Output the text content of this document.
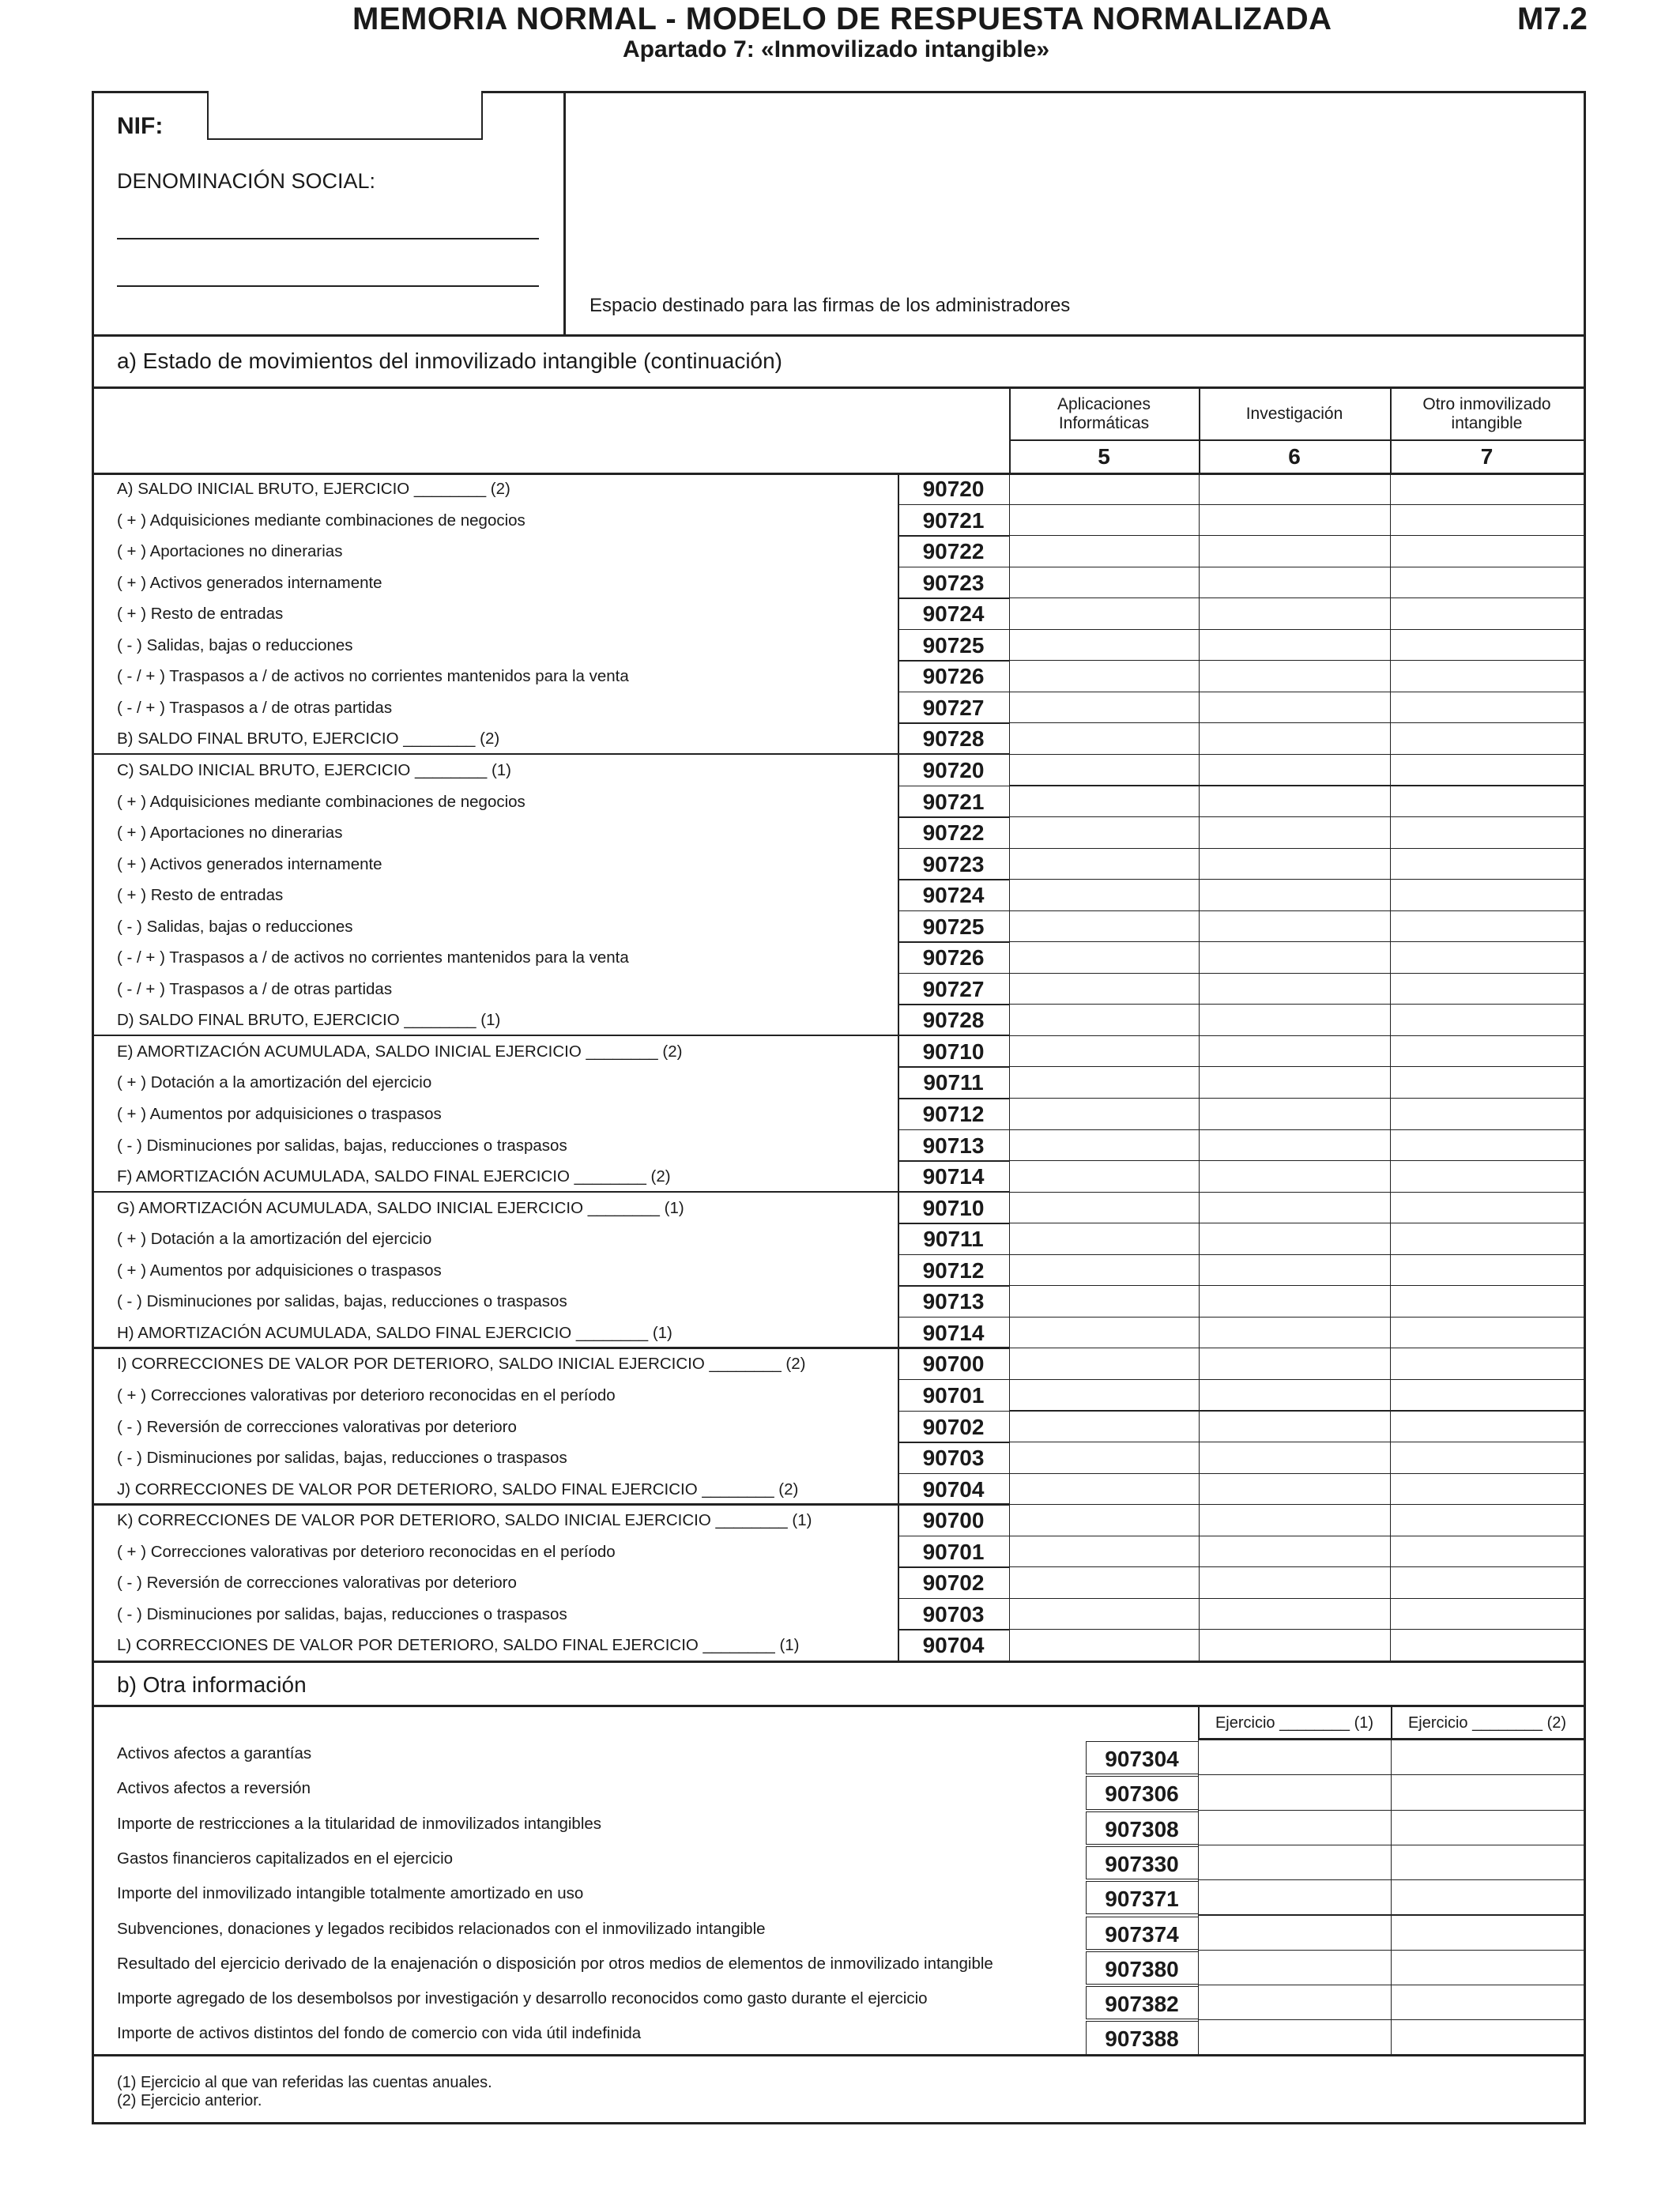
MEMORIA NORMAL - MODELO DE RESPUESTA NORMALIZADA	M7.2
Apartado 7: «Inmovilizado intangible»
NIF:
DENOMINACIÓN SOCIAL:
Espacio destinado para las firmas de los administradores
a) Estado de movimientos del inmovilizado intangible (continuación)
Aplicaciones Informáticas
5
Investigación
6
Otro inmovilizado intangible
7
A) SALDO INICIAL BRUTO, EJERCICIO ________ (2)	90720
( + ) Adquisiciones mediante combinaciones de negocios	90721
( + ) Aportaciones no dinerarias	90722
( + ) Activos generados internamente	90723
( + ) Resto de entradas	90724
( - ) Salidas, bajas o reducciones	90725
( - / + ) Traspasos a / de activos no corrientes mantenidos para la venta	90726
( - / + ) Traspasos a / de otras partidas	90727
B) SALDO FINAL BRUTO, EJERCICIO ________ (2)	90728
C) SALDO INICIAL BRUTO, EJERCICIO ________ (1)	90720
( + ) Adquisiciones mediante combinaciones de negocios	90721
( + ) Aportaciones no dinerarias	90722
( + ) Activos generados internamente	90723
( + ) Resto de entradas	90724
( - ) Salidas, bajas o reducciones	90725
( - / + ) Traspasos a / de activos no corrientes mantenidos para la venta	90726
( - / + ) Traspasos a / de otras partidas	90727
D) SALDO FINAL BRUTO, EJERCICIO ________ (1)	90728
E) AMORTIZACIÓN ACUMULADA, SALDO INICIAL EJERCICIO ________ (2)	90710
( + ) Dotación a la amortización del ejercicio	90711
( + ) Aumentos por adquisiciones o traspasos	90712
( - ) Disminuciones por salidas, bajas, reducciones o traspasos	90713
F) AMORTIZACIÓN ACUMULADA, SALDO FINAL EJERCICIO ________ (2)	90714
G) AMORTIZACIÓN ACUMULADA, SALDO INICIAL EJERCICIO ________ (1)	90710
( + ) Dotación a la amortización del ejercicio	90711
( + ) Aumentos por adquisiciones o traspasos	90712
( - ) Disminuciones por salidas, bajas, reducciones o traspasos	90713
H) AMORTIZACIÓN ACUMULADA, SALDO FINAL EJERCICIO ________ (1)	90714
I) CORRECCIONES DE VALOR POR DETERIORO, SALDO INICIAL EJERCICIO ________ (2)	90700
( + ) Correcciones valorativas por deterioro reconocidas en el período	90701
( - ) Reversión de correcciones valorativas por deterioro	90702
( - ) Disminuciones por salidas, bajas, reducciones o traspasos	90703
J) CORRECCIONES DE VALOR POR DETERIORO, SALDO FINAL EJERCICIO ________ (2)	90704
K) CORRECCIONES DE VALOR POR DETERIORO, SALDO INICIAL EJERCICIO ________ (1)	90700
( + ) Correcciones valorativas por deterioro reconocidas en el período	90701
( - ) Reversión de correcciones valorativas por deterioro	90702
( - ) Disminuciones por salidas, bajas, reducciones o traspasos	90703
L) CORRECCIONES DE VALOR POR DETERIORO, SALDO FINAL EJERCICIO ________ (1)	90704
b) Otra información
Ejercicio ________ (1)	Ejercicio ________ (2)
Activos afectos a garantías	907304
Activos afectos a reversión	907306
Importe de restricciones a la titularidad de inmovilizados intangibles	907308
Gastos financieros capitalizados en el ejercicio	907330
Importe del inmovilizado intangible totalmente amortizado en uso	907371
Subvenciones, donaciones y legados recibidos relacionados con el inmovilizado intangible	907374
Resultado del ejercicio derivado de la enajenación o disposición por otros medios de elementos de inmovilizado intangible	907380
Importe agregado de los desembolsos por investigación y desarrollo reconocidos como gasto durante el ejercicio	907382
Importe de activos distintos del fondo de comercio con vida útil indefinida	907388
(1) Ejercicio al que van referidas las cuentas anuales.
(2) Ejercicio anterior.
